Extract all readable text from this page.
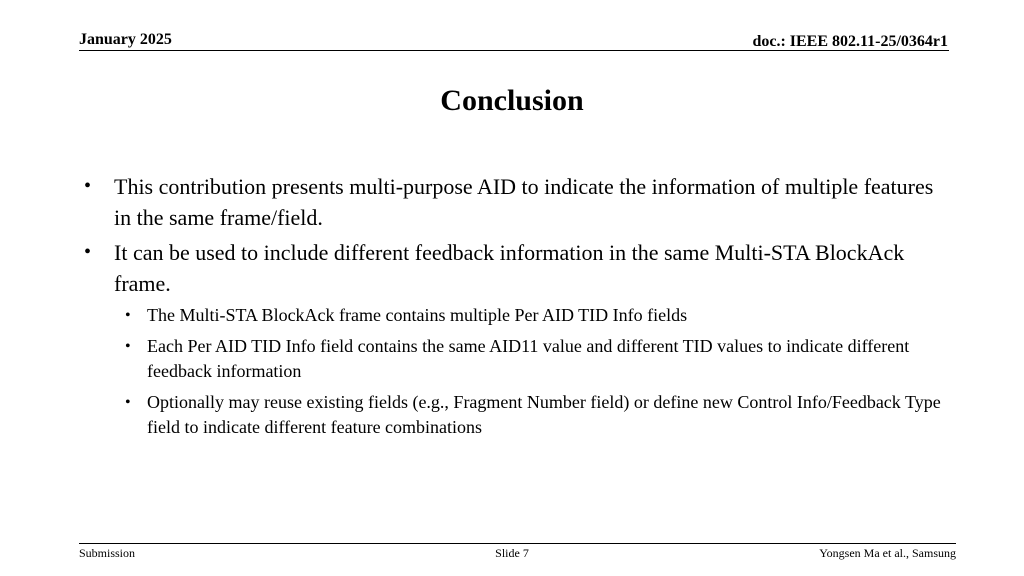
January 2025	doc.: IEEE 802.11-25/0364r1
Conclusion
• This contribution presents multi-purpose AID to indicate the information of multiple features in the same frame/field.
• It can be used to include different feedback information in the same Multi-STA BlockAck frame.
• The Multi-STA BlockAck frame contains multiple Per AID TID Info fields
• Each Per AID TID Info field contains the same AID11 value and different TID values to indicate different feedback information
• Optionally may reuse existing fields (e.g., Fragment Number field) or define new Control Info/Feedback Type field to indicate different feature combinations
Submission	Slide 7	Yongsen Ma et al., Samsung
